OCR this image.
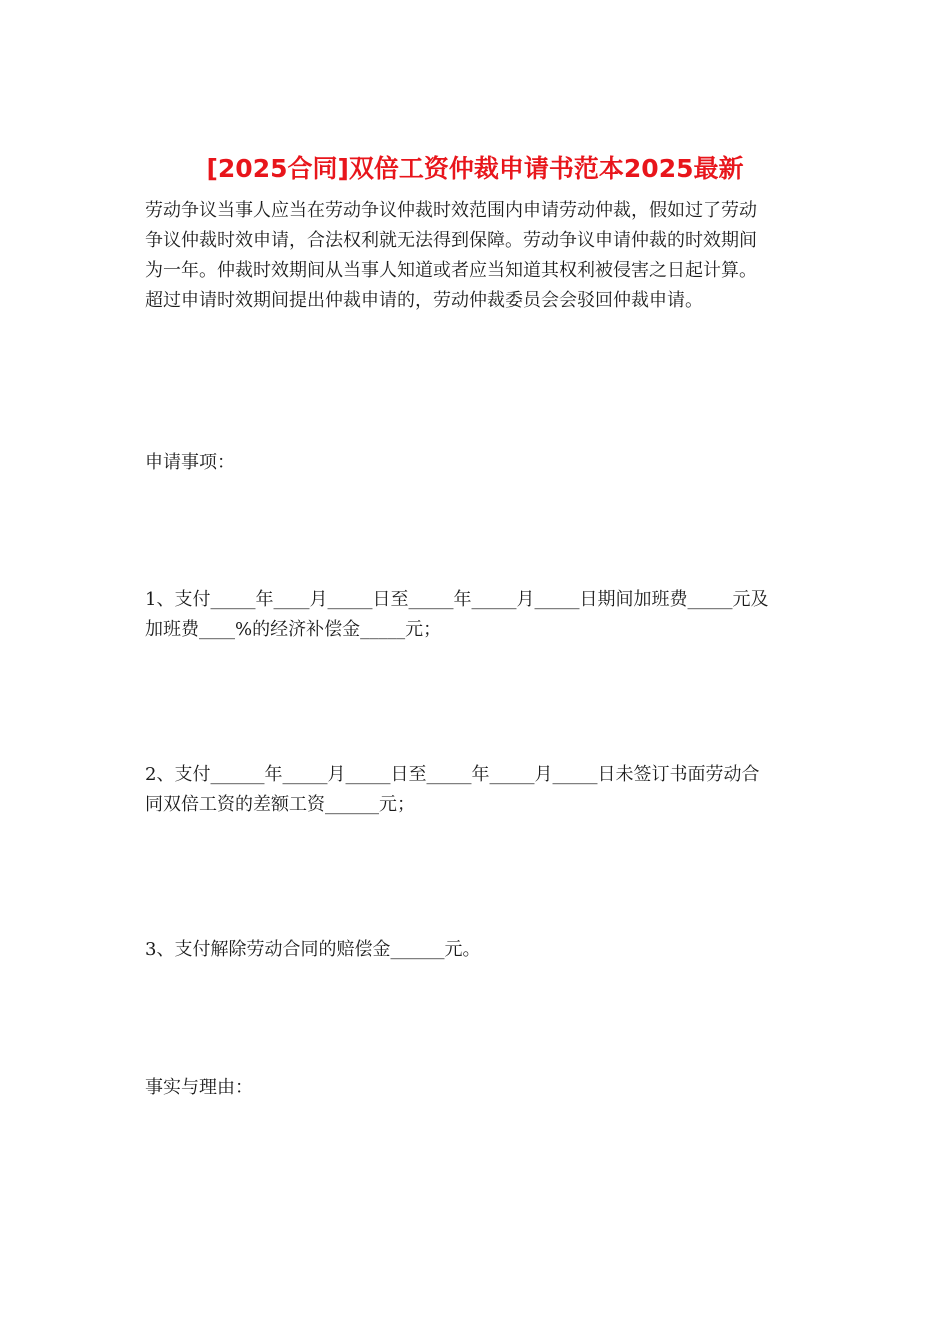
[2025合同]双倍工资仲裁申请书范本2025最新
劳动争议当事人应当在劳动争议仲裁时效范围内申请劳动仲裁，假如过了劳动
争议仲裁时效申请，合法权利就无法得到保障。劳动争议申请仲裁的时效期间
为一年。仲裁时效期间从当事人知道或者应当知道其权利被侵害之日起计算。
超过申请时效期间提出仲裁申请的，劳动仲裁委员会会驳回仲裁申请。
申请事项：
1、支付_____年____月_____日至_____年_____月_____日期间加班费_____元及
加班费____%的经济补偿金_____元；
2、支付______年_____月_____日至_____年_____月_____日未签订书面劳动合
同双倍工资的差额工资______元；
3、支付解除劳动合同的赔偿金______元。
事实与理由：
